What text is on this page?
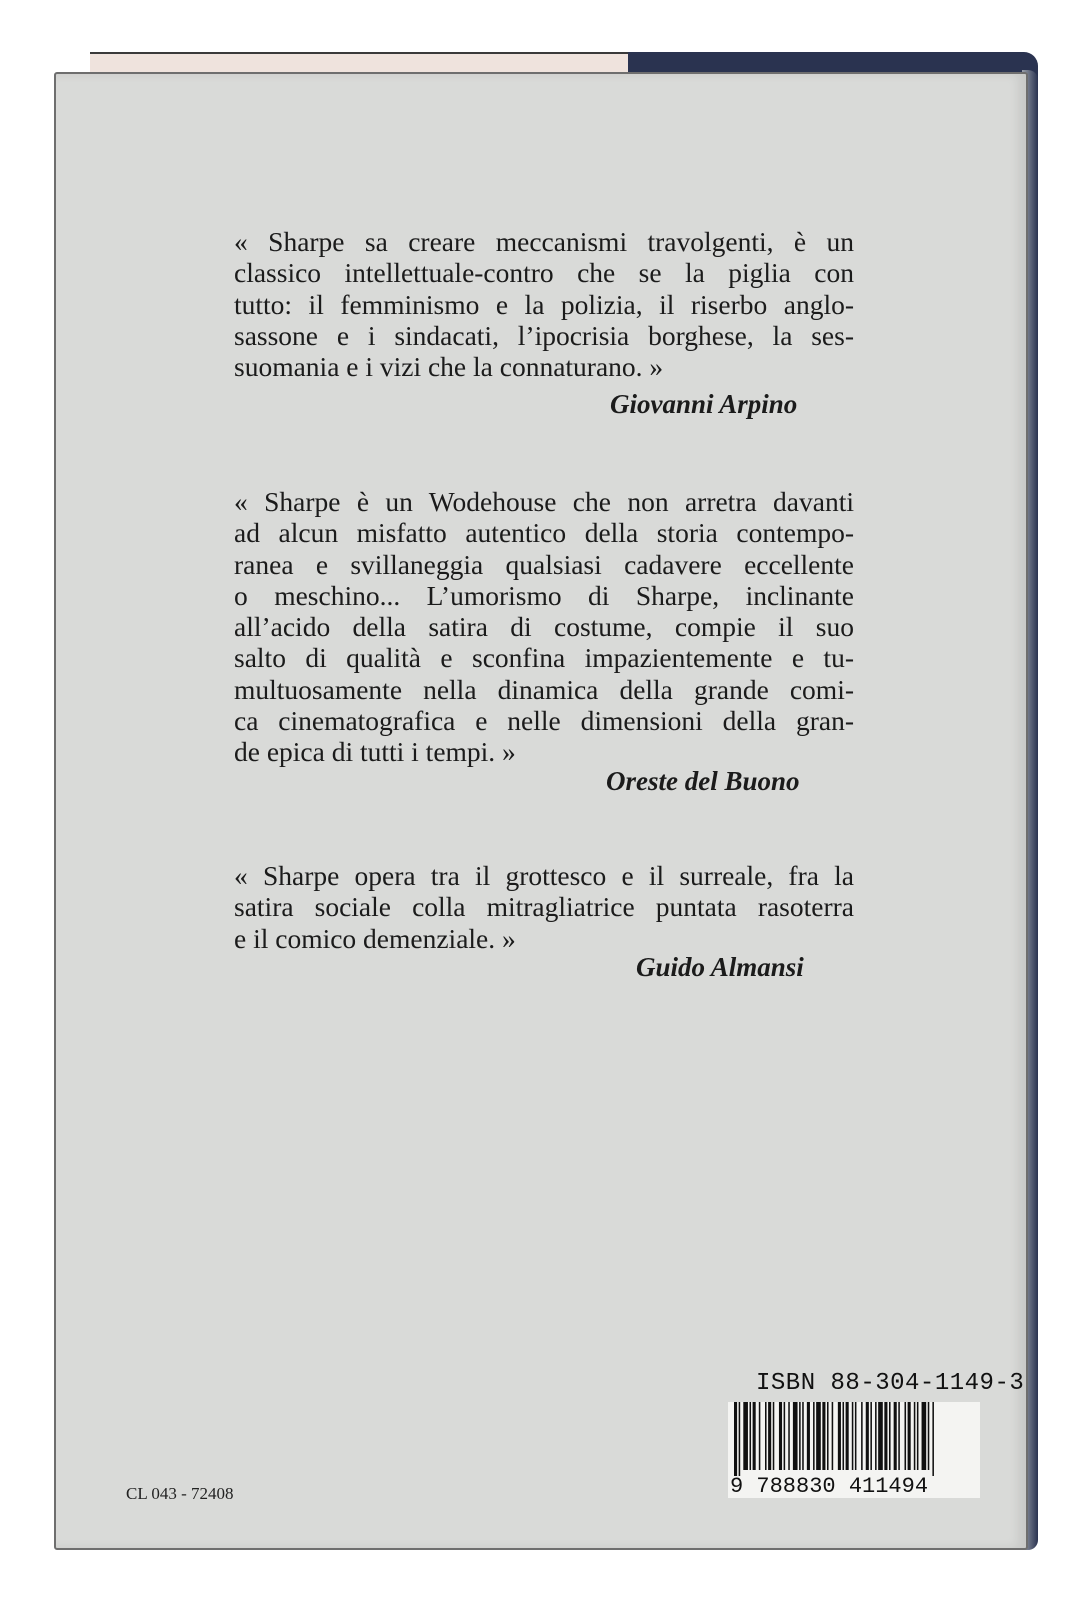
« Sharpe sa creare meccanismi travolgenti, è un
classico intellettuale-contro che se la piglia con
tutto: il femminismo e la polizia, il riserbo anglo-
sassone e i sindacati, l’ipocrisia borghese, la ses-
suomania e i vizi che la connaturano. »
Giovanni Arpino
« Sharpe è un Wodehouse che non arretra davanti
ad alcun misfatto autentico della storia contempo-
ranea e svillaneggia qualsiasi cadavere eccellente
o meschino... L’umorismo di Sharpe, inclinante
all’acido della satira di costume, compie il suo
salto di qualità e sconfina impazientemente e tu-
multuosamente nella dinamica della grande comi-
ca cinematografica e nelle dimensioni della gran-
de epica di tutti i tempi. »
Oreste del Buono
« Sharpe opera tra il grottesco e il surreale, fra la
satira sociale colla mitragliatrice puntata rasoterra
e il comico demenziale. »
Guido Almansi
CL 043 - 72408
ISBN 88-304-1149-3
9 788830 411494
